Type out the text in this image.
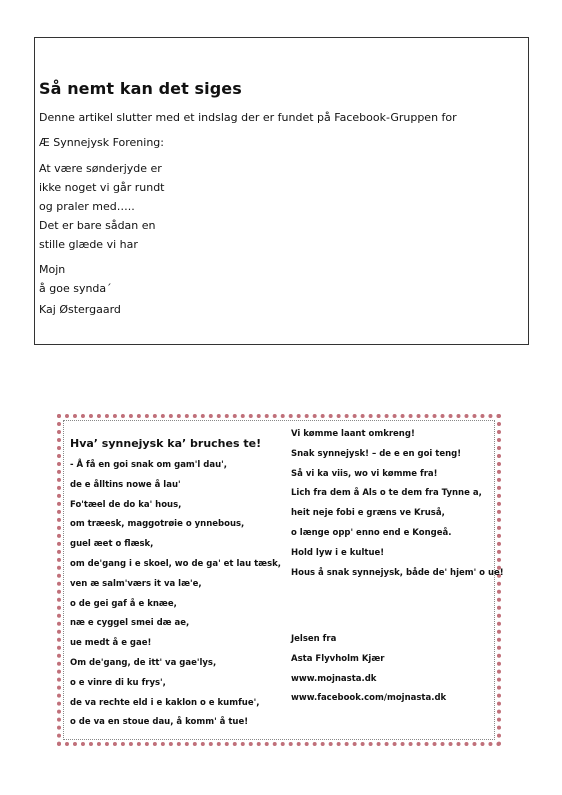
Så nemt kan det siges
Denne artikel slutter med et indslag der er fundet på Facebook-Gruppen for
Æ Synnejysk Forening:
At være sønderjyde er
ikke noget vi går rundt
og praler med…..
Det er bare sådan en
stille glæde vi har
Mojn
å goe synda´
Kaj Østergaard
Hva’ synnejysk ka’ bruches te!
- Å få en goi snak om gam'l dau',
de e ålltins nowe å lau'
Fo'tæel de do ka' hous,
om træesk, maggotrøie o ynnebous,
guel æet o flæsk,
om de'gang i e skoel, wo de ga' et lau tæsk,
ven æ salm'værs it va læ'e,
o de gei gaf å e knæe,
næ e cyggel smei dæ ae,
ue medt å e gae!
Om de'gang, de itt' va gae'lys,
o e vinre di ku frys',
de va rechte eld i e kaklon o e kumfue',
o de va en stoue dau, å komm' å tue!
Vi kømme laant omkreng!
Snak synnejysk! – de e en goi teng!
Så vi ka viis, wo vi kømme fra!
Lich fra dem å Als o te dem fra Tynne a,
heit neje fobi e græns ve Kruså,
o længe opp' enno end e Kongeå.
Hold lyw i e kultue!
Hous å snak synnejysk, både de' hjem' o ue!
Jelsen fra
Asta Flyvholm Kjær
www.mojnasta.dk
www.facebook.com/mojnasta.dk
